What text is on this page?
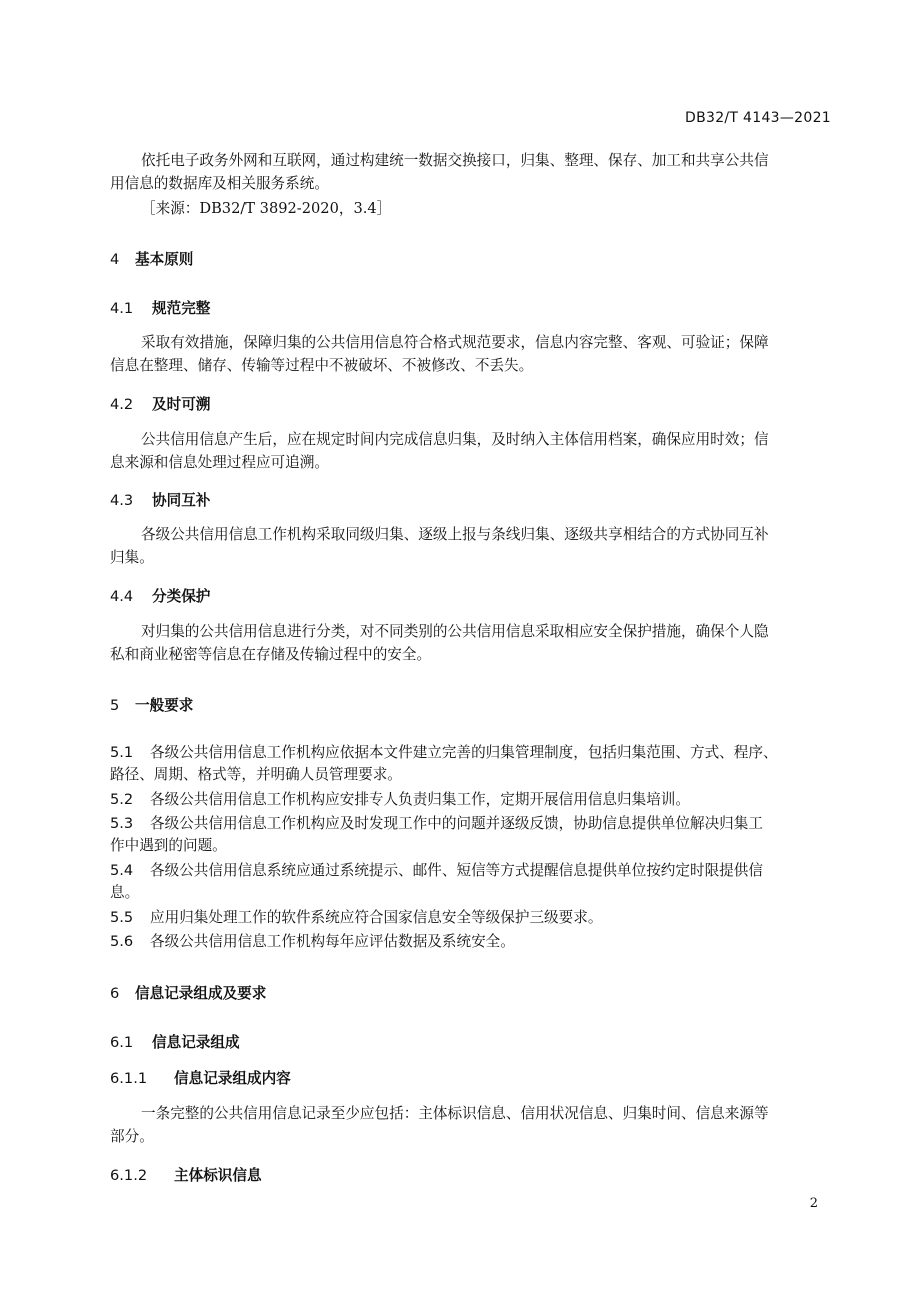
DB32/T 4143—2021
依托电子政务外网和互联网，通过构建统一数据交换接口，归集、整理、保存、加工和共享公共信
用信息的数据库及相关服务系统。
［来源：DB32/T 3892-2020，3.4］
4 基本原则
4.1 规范完整
采取有效措施，保障归集的公共信用信息符合格式规范要求，信息内容完整、客观、可验证；保障
信息在整理、储存、传输等过程中不被破坏、不被修改、不丢失。
4.2 及时可溯
公共信用信息产生后，应在规定时间内完成信息归集，及时纳入主体信用档案，确保应用时效；信
息来源和信息处理过程应可追溯。
4.3 协同互补
各级公共信用信息工作机构采取同级归集、逐级上报与条线归集、逐级共享相结合的方式协同互补
归集。
4.4 分类保护
对归集的公共信用信息进行分类，对不同类别的公共信用信息采取相应安全保护措施，确保个人隐
私和商业秘密等信息在存储及传输过程中的安全。
5 一般要求
5.1 各级公共信用信息工作机构应依据本文件建立完善的归集管理制度，包括归集范围、方式、程序、
路径、周期、格式等，并明确人员管理要求。
5.2 各级公共信用信息工作机构应安排专人负责归集工作，定期开展信用信息归集培训。
5.3 各级公共信用信息工作机构应及时发现工作中的问题并逐级反馈，协助信息提供单位解决归集工
作中遇到的问题。
5.4 各级公共信用信息系统应通过系统提示、邮件、短信等方式提醒信息提供单位按约定时限提供信
息。
5.5 应用归集处理工作的软件系统应符合国家信息安全等级保护三级要求。
5.6 各级公共信用信息工作机构每年应评估数据及系统安全。
6 信息记录组成及要求
6.1 信息记录组成
6.1.1 信息记录组成内容
一条完整的公共信用信息记录至少应包括：主体标识信息、信用状况信息、归集时间、信息来源等
部分。
6.1.2 主体标识信息
2
